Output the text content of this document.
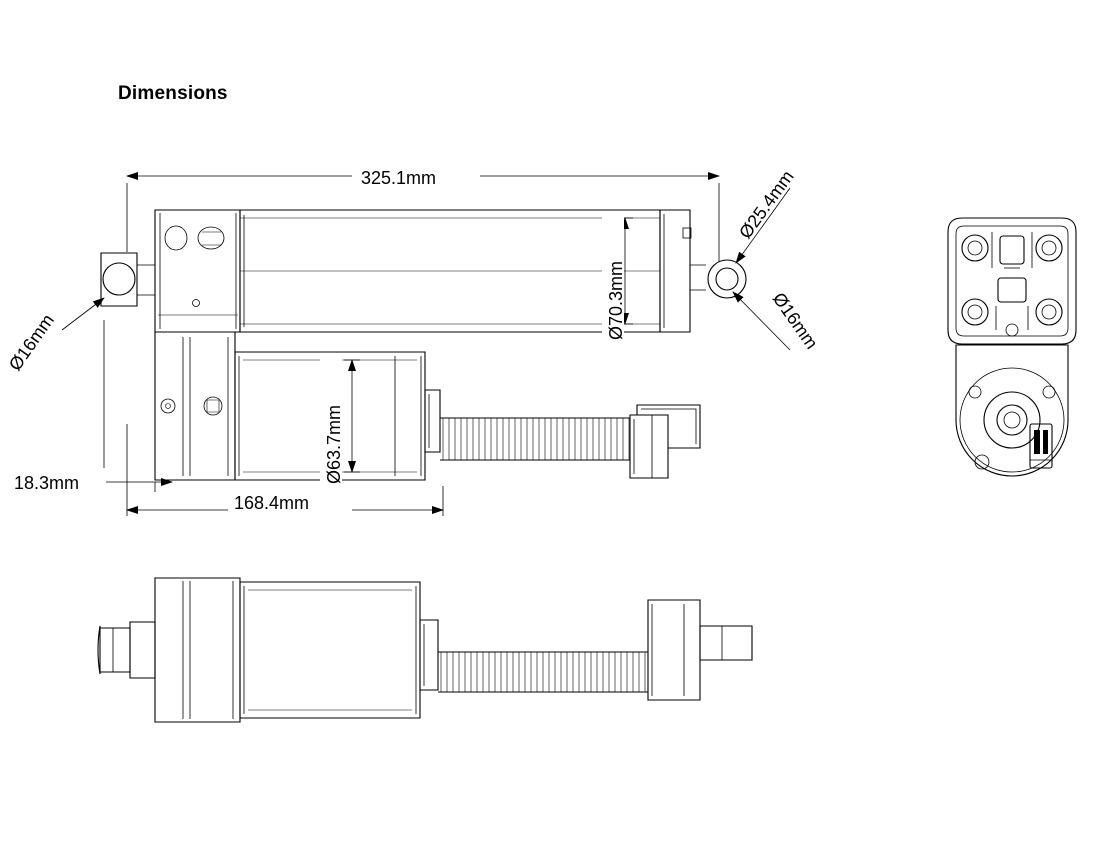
Dimensions
325.1mm
Ø70.3mm
Ø16mm
Ø25.4mm
Ø16mm
Ø63.7mm
168.4mm
18.3mm
